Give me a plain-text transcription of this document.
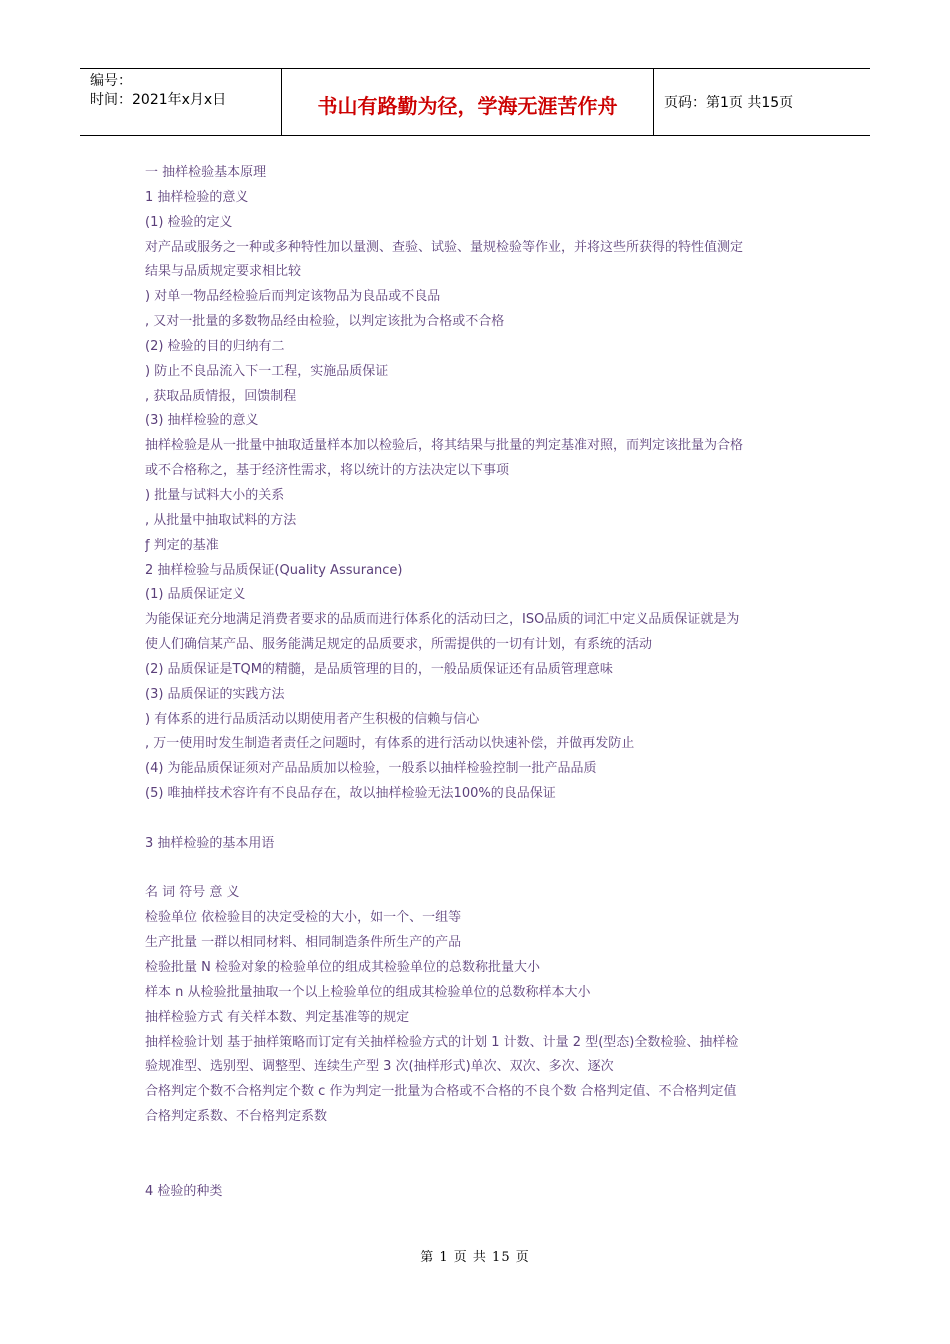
编号：
时间：2021年x月x日	书山有路勤为径，学海无涯苦作舟	页码：第1页 共15页
一 抽样检验基本原理
1 抽样检验的意义
(1) 检验的定义
对产品或服务之一种或多种特性加以量测、查验、试验、量规检验等作业，并将这些所获得的特性值测定
结果与品质规定要求相比较
) 对单一物品经检验后而判定该物品为良品或不良品
, 又对一批量的多数物品经由检验，以判定该批为合格或不合格
(2) 检验的目的归纳有二
) 防止不良品流入下一工程，实施品质保证
, 获取品质情报，回馈制程
(3) 抽样检验的意义
抽样检验是从一批量中抽取适量样本加以检验后，将其结果与批量的判定基准对照，而判定该批量为合格
或不合格称之，基于经济性需求，将以统计的方法决定以下事项
) 批量与试料大小的关系
, 从批量中抽取试料的方法
ƒ 判定的基准
2 抽样检验与品质保证(Quality Assurance)
(1) 品质保证定义
为能保证充分地满足消费者要求的品质而进行体系化的活动曰之，ISO品质的词汇中定义品质保证就是为
使人们确信某产品、服务能满足规定的品质要求，所需提供的一切有计划，有系统的活动
(2) 品质保证是TQM的精髓，是品质管理的目的，一般品质保证还有品质管理意味
(3) 品质保证的实践方法
) 有体系的进行品质活动以期使用者产生积极的信赖与信心
, 万一使用时发生制造者责任之问题时，有体系的进行活动以快速补偿，并做再发防止
(4) 为能品质保证须对产品品质加以检验，一般系以抽样检验控制一批产品品质
(5) 唯抽样技术容许有不良品存在，故以抽样检验无法100%的良品保证
3 抽样检验的基本用语
名 词 符号 意 义
检验单位 依检验目的决定受检的大小，如一个、一组等
生产批量 一群以相同材料、相同制造条件所生产的产品
检验批量 N 检验对象的检验单位的组成其检验单位的总数称批量大小
样本 n 从检验批量抽取一个以上检验单位的组成其检验单位的总数称样本大小
抽样检验方式 有关样本数、判定基准等的规定
抽样检验计划 基于抽样策略而订定有关抽样检验方式的计划 1 计数、计量 2 型(型态)全数检验、抽样检
验规准型、选别型、调整型、连续生产型 3 次(抽样形式)单次、双次、多次、逐次
合格判定个数不合格判定个数 c 作为判定一批量为合格或不合格的不良个数 合格判定值、不合格判定值
合格判定系数、不台格判定系数
4 检验的种类
第 1 页 共 15 页
